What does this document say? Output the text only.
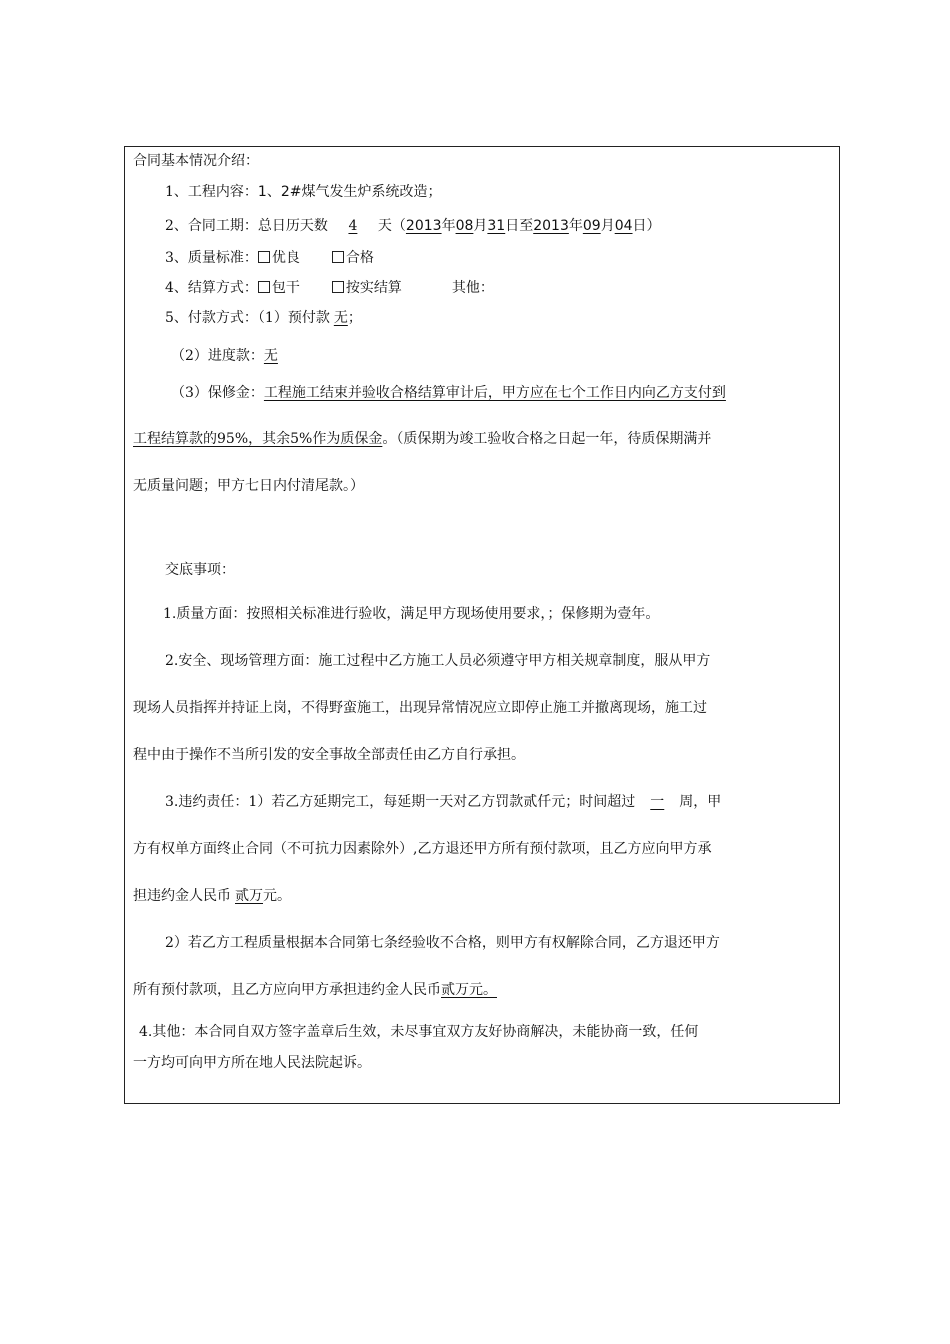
合同基本情况介绍：
1、工程内容：1、2#煤气发生炉系统改造；
2、合同工期：总日历天数 4 天（2013年08月31日至2013年09月04日）
3、质量标准： 优良	合格
4、结算方式： 包干	按实结算	其他：
5、付款方式：（1）预付款 无；
（2）进度款：无
（3）保修金：工程施工结束并验收合格结算审计后，甲方应在七个工作日内向乙方支付到
工程结算款的95%，其余5%作为质保金。（质保期为竣工验收合格之日起一年，待质保期满并
无质量问题；甲方七日内付清尾款。）
交底事项：
1.质量方面：按照相关标准进行验收，满足甲方现场使用要求，；保修期为壹年。
2.安全、现场管理方面：施工过程中乙方施工人员必须遵守甲方相关规章制度，服从甲方
现场人员指挥并持证上岗，不得野蛮施工，出现异常情况应立即停止施工并撤离现场，施工过
程中由于操作不当所引发的安全事故全部责任由乙方自行承担。
3.违约责任：1）若乙方延期完工，每延期一天对乙方罚款贰仟元；时间超过 一 周，甲
方有权单方面终止合同（不可抗力因素除外）,乙方退还甲方所有预付款项，且乙方应向甲方承
担违约金人民币 贰万元。
2）若乙方工程质量根据本合同第七条经验收不合格，则甲方有权解除合同，乙方退还甲方
所有预付款项，且乙方应向甲方承担违约金人民币贰万元。
4.其他：本合同自双方签字盖章后生效，未尽事宜双方友好协商解决，未能协商一致，任何
一方均可向甲方所在地人民法院起诉。
